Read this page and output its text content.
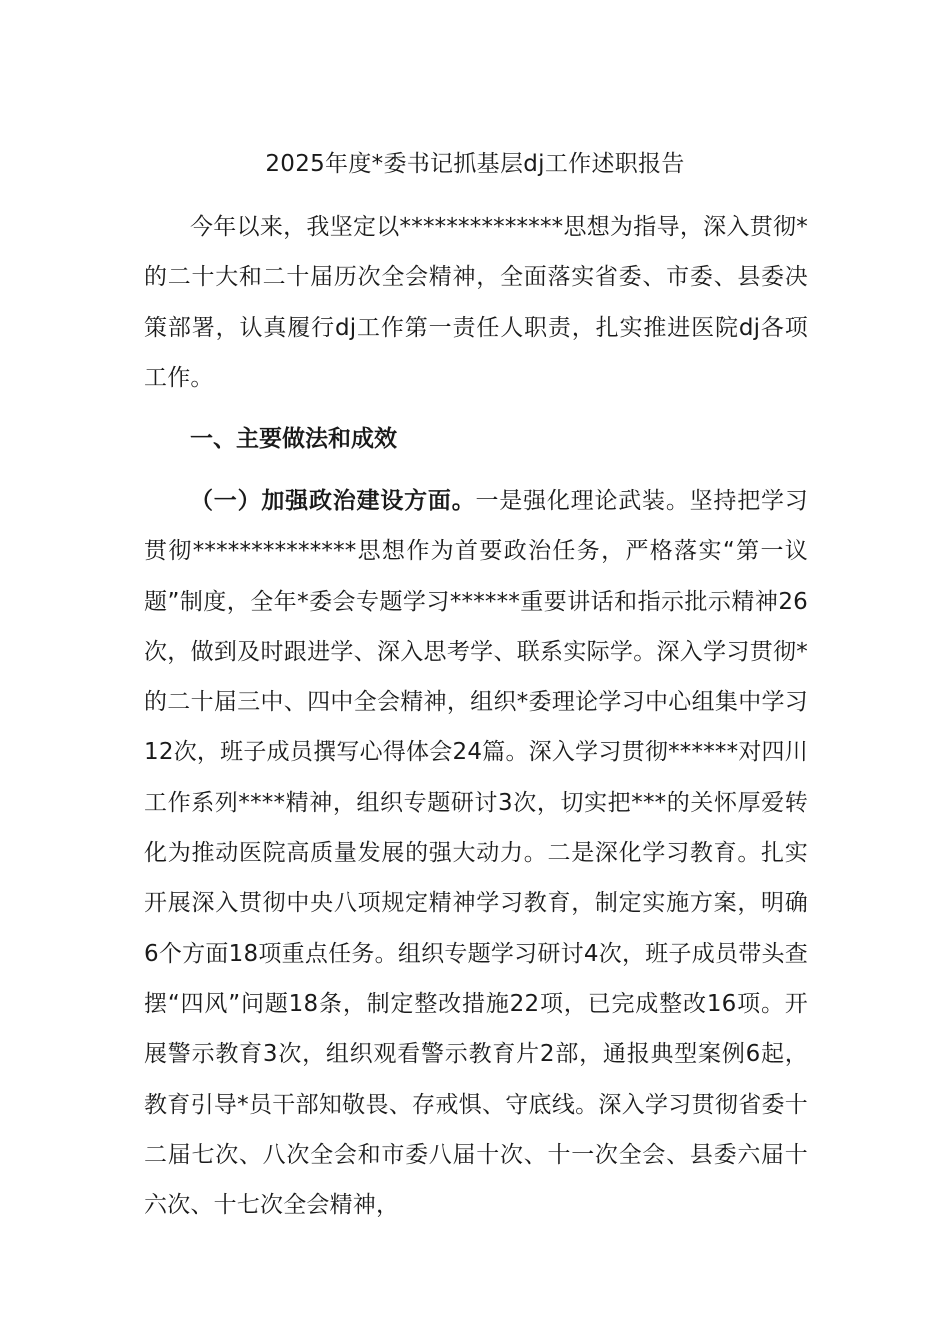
2025年度*委书记抓基层dj工作述职报告
今年以来，我坚定以**************思想为指导，深入贯彻*的二十大和二十届历次全会精神，全面落实省委、市委、县委决策部署，认真履行dj工作第一责任人职责，扎实推进医院dj各项工作。
一、主要做法和成效
（一）加强政治建设方面。一是强化理论武装。坚持把学习贯彻**************思想作为首要政治任务，严格落实“第一议题”制度，全年*委会专题学习******重要讲话和指示批示精神26次，做到及时跟进学、深入思考学、联系实际学。深入学习贯彻*的二十届三中、四中全会精神，组织*委理论学习中心组集中学习12次，班子成员撰写心得体会24篇。深入学习贯彻******对四川工作系列****精神，组织专题研讨3次，切实把***的关怀厚爱转化为推动医院高质量发展的强大动力。二是深化学习教育。扎实开展深入贯彻中央八项规定精神学习教育，制定实施方案，明确6个方面18项重点任务。组织专题学习研讨4次，班子成员带头查摆“四风”问题18条，制定整改措施22项，已完成整改16项。开展警示教育3次，组织观看警示教育片2部，通报典型案例6起，教育引导*员干部知敬畏、存戒惧、守底线。深入学习贯彻省委十二届七次、八次全会和市委八届十次、十一次全会、县委六届十六次、十七次全会精神，
